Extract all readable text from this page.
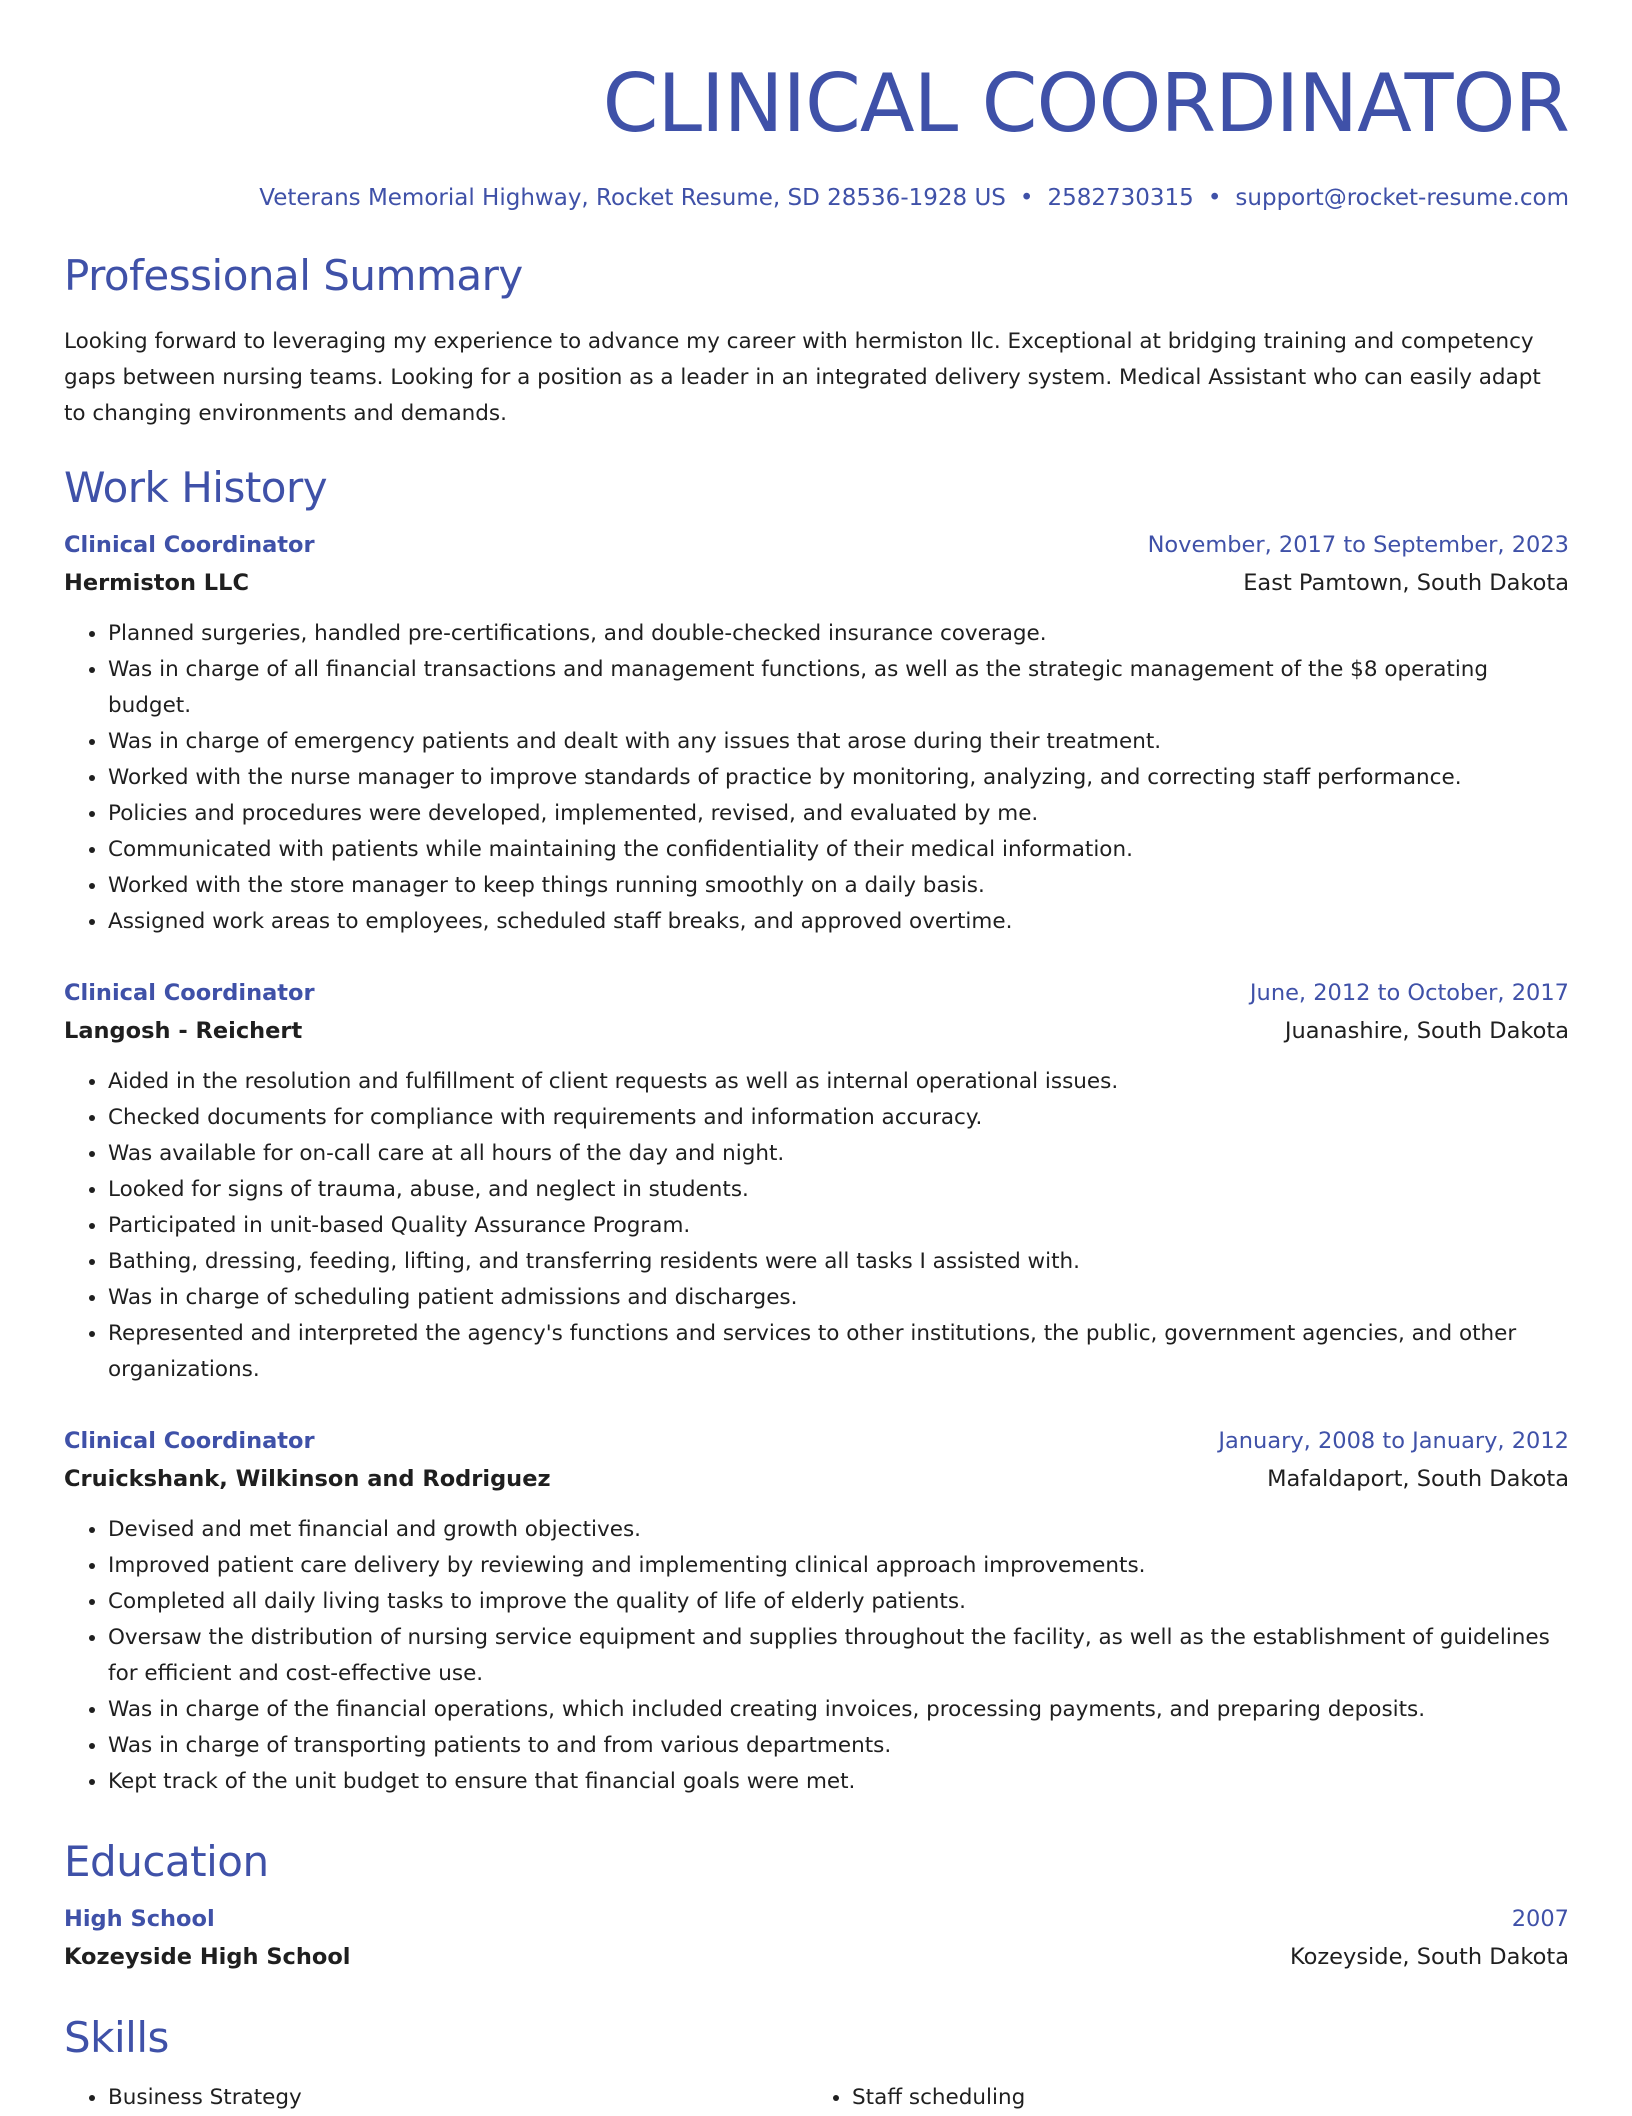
CLINICAL COORDINATOR
Veterans Memorial Highway, Rocket Resume, SD 28536-1928 US • 2582730315 • support@rocket-resume.com
Professional Summary
Looking forward to leveraging my experience to advance my career with hermiston llc. Exceptional at bridging training and competency gaps between nursing teams. Looking for a position as a leader in an integrated delivery system. Medical Assistant who can easily adapt to changing environments and demands.
Work History
Clinical Coordinator	November, 2017 to September, 2023
Hermiston LLC	East Pamtown, South Dakota
• Planned surgeries, handled pre-certifications, and double-checked insurance coverage.
• Was in charge of all financial transactions and management functions, as well as the strategic management of the $8 operating budget.
• Was in charge of emergency patients and dealt with any issues that arose during their treatment.
• Worked with the nurse manager to improve standards of practice by monitoring, analyzing, and correcting staff performance.
• Policies and procedures were developed, implemented, revised, and evaluated by me.
• Communicated with patients while maintaining the confidentiality of their medical information.
• Worked with the store manager to keep things running smoothly on a daily basis.
• Assigned work areas to employees, scheduled staff breaks, and approved overtime.
Clinical Coordinator	June, 2012 to October, 2017
Langosh - Reichert	Juanashire, South Dakota
• Aided in the resolution and fulfillment of client requests as well as internal operational issues.
• Checked documents for compliance with requirements and information accuracy.
• Was available for on-call care at all hours of the day and night.
• Looked for signs of trauma, abuse, and neglect in students.
• Participated in unit-based Quality Assurance Program.
• Bathing, dressing, feeding, lifting, and transferring residents were all tasks I assisted with.
• Was in charge of scheduling patient admissions and discharges.
• Represented and interpreted the agency's functions and services to other institutions, the public, government agencies, and other organizations.
Clinical Coordinator	January, 2008 to January, 2012
Cruickshank, Wilkinson and Rodriguez	Mafaldaport, South Dakota
• Devised and met financial and growth objectives.
• Improved patient care delivery by reviewing and implementing clinical approach improvements.
• Completed all daily living tasks to improve the quality of life of elderly patients.
• Oversaw the distribution of nursing service equipment and supplies throughout the facility, as well as the establishment of guidelines for efficient and cost-effective use.
• Was in charge of the financial operations, which included creating invoices, processing payments, and preparing deposits.
• Was in charge of transporting patients to and from various departments.
• Kept track of the unit budget to ensure that financial goals were met.
Education
High School	2007
Kozeyside High School	Kozeyside, South Dakota
Skills
• Business Strategy
•	Staff scheduling
